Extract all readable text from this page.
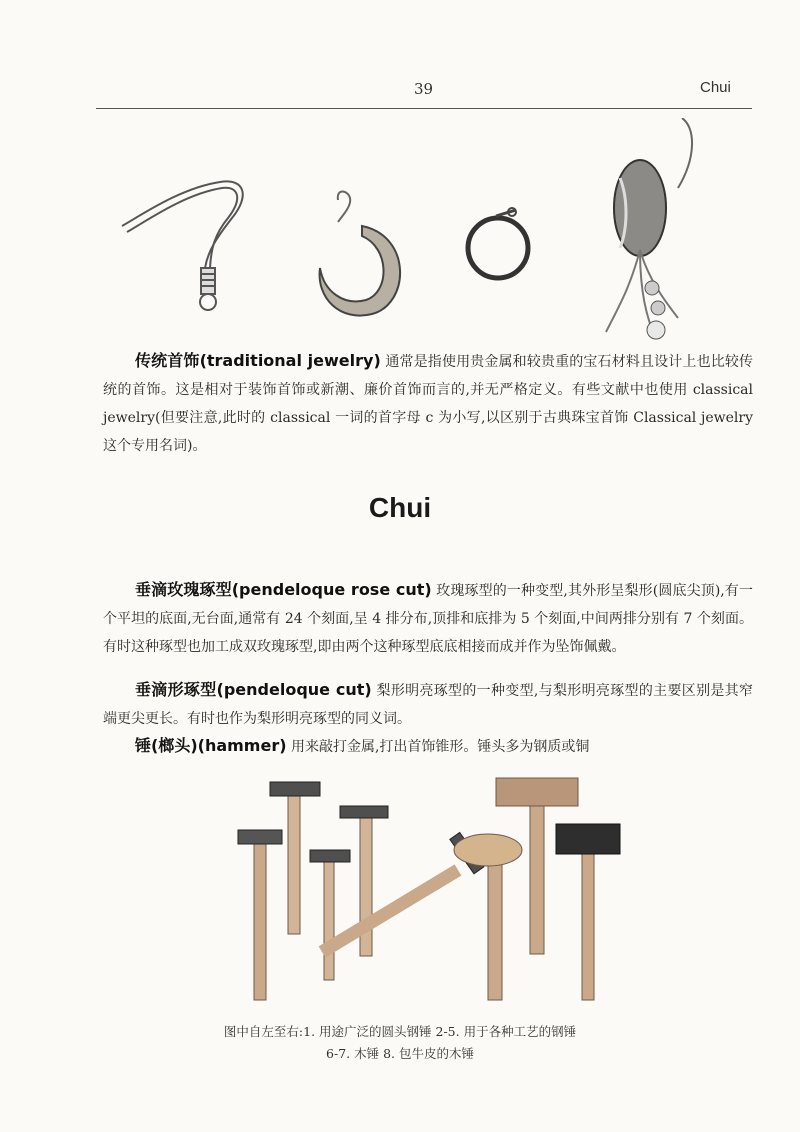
39	Chui
传统首饰(traditional jewelry) 通常是指使用贵金属和较贵重的宝石材料且设计上也比较传统的首饰。这是相对于装饰首饰或新潮、廉价首饰而言的,并无严格定义。有些文献中也使用 classical jewelry(但要注意,此时的 classical 一词的首字母 c 为小写,以区别于古典珠宝首饰 Classical jewelry 这个专用名词)。
Chui
垂滴玫瑰琢型(pendeloque rose cut) 玫瑰琢型的一种变型,其外形呈梨形(圆底尖顶),有一个平坦的底面,无台面,通常有 24 个刻面,呈 4 排分布,顶排和底排为 5 个刻面,中间两排分别有 7 个刻面。有时这种琢型也加工成双玫瑰琢型,即由两个这种琢型底底相接而成并作为坠饰佩戴。
垂滴形琢型(pendeloque cut) 梨形明亮琢型的一种变型,与梨形明亮琢型的主要区别是其窄端更尖更长。有时也作为梨形明亮琢型的同义词。
锤(榔头)(hammer) 用来敲打金属,打出首饰锥形。锤头多为钢质或铜
图中自左至右:1. 用途广泛的圆头钢锤 2-5. 用于各种工艺的钢锤
6-7. 木锤 8. 包牛皮的木锤
